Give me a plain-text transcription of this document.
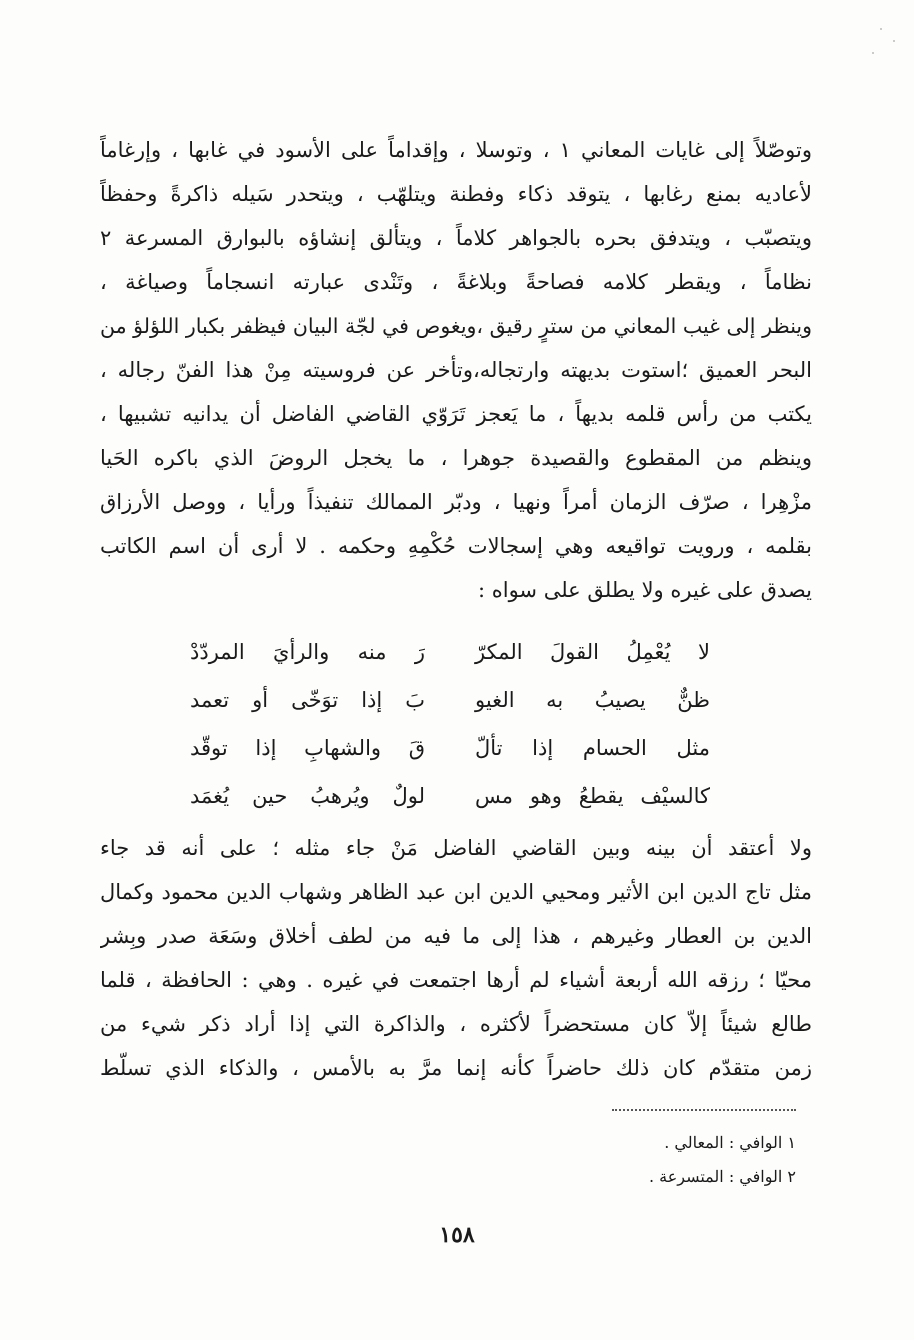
وتوصّلاً إلى غايات المعاني ١ ، وتوسلا ، وإقداماً على الأسود في غابها ، وإرغاماً
لأعاديه بمنع رغابها ، يتوقد ذكاء وفطنة ويتلهّب ، ويتحدر سَيله ذاكرةً وحفظاً
ويتصبّب ، ويتدفق بحره بالجواهر كلاماً ، ويتألق إنشاؤه بالبوارق المسرعة ٢
نظاماً ، ويقطر كلامه فصاحةً وبلاغةً ، وتَنْدى عبارته انسجاماً وصياغة ،
وينظر إلى غيب المعاني من سترٍ رقيق ،ويغوص في لجّة البيان فيظفر بكبار اللؤلؤ من
البحر العميق ؛استوت بديهته وارتجاله،وتأخر عن فروسيته مِنْ هذا الفنّ رجاله ،
يكتب من رأس قلمه بديهاً ، ما يَعجز تَرَوّي القاضي الفاضل أن يدانيه تشبيها ،
وينظم من المقطوع والقصيدة جوهرا ، ما يخجل الروضَ الذي باكره الحَيا
مزْهِرا ، صرّف الزمان أمراً ونهيا ، ودبّر الممالك تنفيذاً ورأيا ، ووصل الأرزاق
بقلمه ، ورويت تواقيعه وهي إسجالات حُكْمِهِ وحكمه . لا أرى أن اسم الكاتب
يصدق على غيره ولا يطلق على سواه :
لا يُعْمِلُ القولَ المكرّ
رَ منه والرأيَ المردّدْ
ظنٌّ يصيبُ به الغيو
بَ إذا توَخّى أو تعمد
مثل الحسام إذا تألّ
قَ والشهابِ إذا توقّد
كالسيْف يقطعُ وهو مس
لولٌ ويُرهبُ حين يُغمَد
ولا أعتقد أن بينه وبين القاضي الفاضل مَنْ جاء مثله ؛ على أنه قد جاء
مثل تاج الدين ابن الأثير ومحيي الدين ابن عبد الظاهر وشهاب الدين محمود وكمال
الدين بن العطار وغيرهم ، هذا إلى ما فيه من لطف أخلاق وسَعَة صدر وبِشر
محيّا ؛ رزقه الله أربعة أشياء لم أرها اجتمعت في غيره . وهي : الحافظة ، قلما
طالع شيئاً إلاّ كان مستحضراً لأكثره ، والذاكرة التي إذا أراد ذكر شيء من
زمن متقدّم كان ذلك حاضراً كأنه إنما مرَّ به بالأمس ، والذكاء الذي تسلّط
١ الوافي : المعالي .
٢ الوافي : المتسرعة .
١٥٨
